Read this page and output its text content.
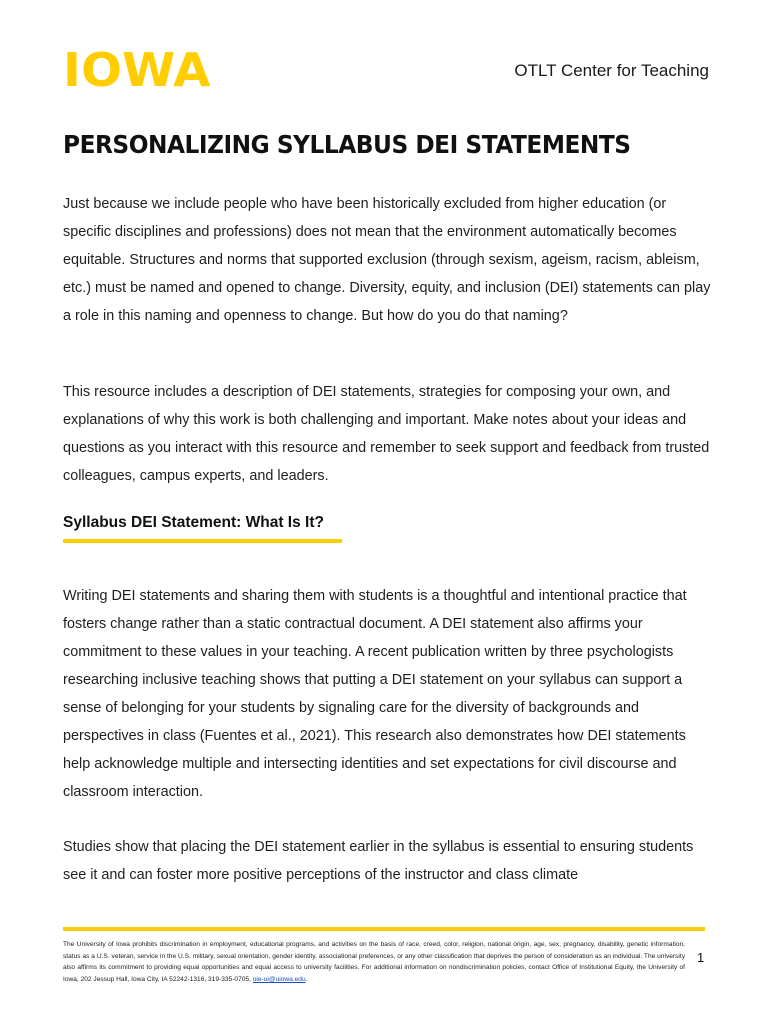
IOWA	OTLT Center for Teaching
PERSONALIZING SYLLABUS DEI STATEMENTS

Just because we include people who have been historically excluded from higher education (or specific disciplines and professions) does not mean that the environment automatically becomes equitable. Structures and norms that supported exclusion (through sexism, ageism, racism, ableism, etc.) must be named and opened to change. Diversity, equity, and inclusion (DEI) statements can play a role in this naming and openness to change. But how do you do that naming?

This resource includes a description of DEI statements, strategies for composing your own, and explanations of why this work is both challenging and important. Make notes about your ideas and questions as you interact with this resource and remember to seek support and feedback from trusted colleagues, campus experts, and leaders.

Syllabus DEI Statement: What Is It?

Writing DEI statements and sharing them with students is a thoughtful and intentional practice that fosters change rather than a static contractual document. A DEI statement also affirms your commitment to these values in your teaching. A recent publication written by three psychologists researching inclusive teaching shows that putting a DEI statement on your syllabus can support a sense of belonging for your students by signaling care for the diversity of backgrounds and perspectives in class (Fuentes et al., 2021). This research also demonstrates how DEI statements help acknowledge multiple and intersecting identities and set expectations for civil discourse and classroom interaction.

Studies show that placing the DEI statement earlier in the syllabus is essential to ensuring students see it and can foster more positive perceptions of the instructor and class climate

The University of Iowa prohibits discrimination in employment, educational programs, and activities on the basis of race, creed, color, religion, national origin, age, sex, pregnancy, disability, genetic information, status as a U.S. veteran, service in the U.S. military, sexual orientation, gender identity, associational preferences, or any other classification that deprives the person of consideration as an individual. The university also affirms its commitment to providing equal opportunities and equal access to university facilities. For additional information on nondiscrimination policies, contact Office of Institutional Equity, the University of Iowa, 202 Jessup Hall, Iowa City, IA 52242-1316, 319-335-0705, oie-ui@uiowa.edu.

1
